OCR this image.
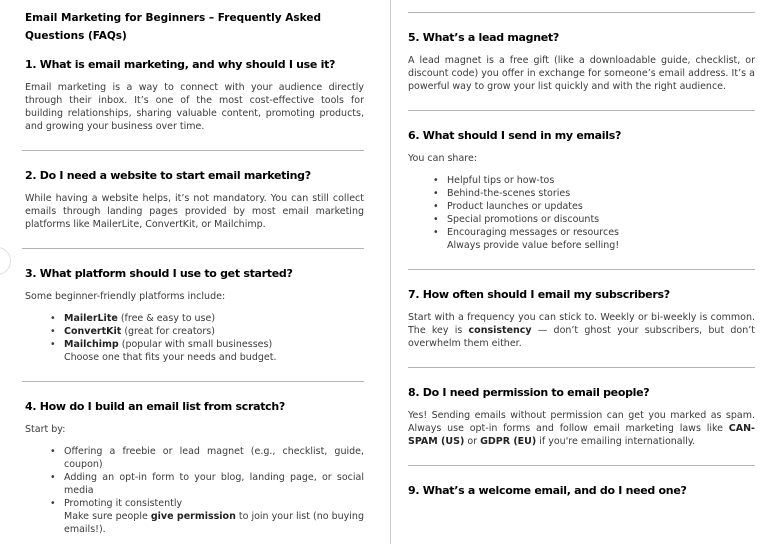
Email Marketing for Beginners – Frequently Asked Questions (FAQs)
1. What is email marketing, and why should I use it?

Email marketing is a way to connect with your audience directly through their inbox. It’s one of the most cost-effective tools for building relationships, sharing valuable content, promoting products, and growing your business over time.

2. Do I need a website to start email marketing?

While having a website helps, it’s not mandatory. You can still collect emails through landing pages provided by most email marketing platforms like MailerLite, ConvertKit, or Mailchimp.

3. What platform should I use to get started?

Some beginner-friendly platforms include:

• MailerLite (free & easy to use)
• ConvertKit (great for creators)
• Mailchimp (popular with small businesses)
Choose one that fits your needs and budget.
4. How do I build an email list from scratch?

Start by:

• Offering a freebie or lead magnet (e.g., checklist, guide, coupon)
• Adding an opt-in form to your blog, landing page, or social media
• Promoting it consistently
Make sure people give permission to join your list (no buying emails!).
5. What’s a lead magnet?

A lead magnet is a free gift (like a downloadable guide, checklist, or discount code) you offer in exchange for someone’s email address. It’s a powerful way to grow your list quickly and with the right audience.

6. What should I send in my emails?

You can share:

• Helpful tips or how-tos
• Behind-the-scenes stories
• Product launches or updates
• Special promotions or discounts
• Encouraging messages or resources
Always provide value before selling!
7. How often should I email my subscribers?

Start with a frequency you can stick to. Weekly or bi-weekly is common. The key is consistency — don’t ghost your subscribers, but don’t overwhelm them either.

8. Do I need permission to email people?

Yes! Sending emails without permission can get you marked as spam. Always use opt-in forms and follow email marketing laws like CAN-SPAM (US) or GDPR (EU) if you're emailing internationally.

9. What’s a welcome email, and do I need one?
